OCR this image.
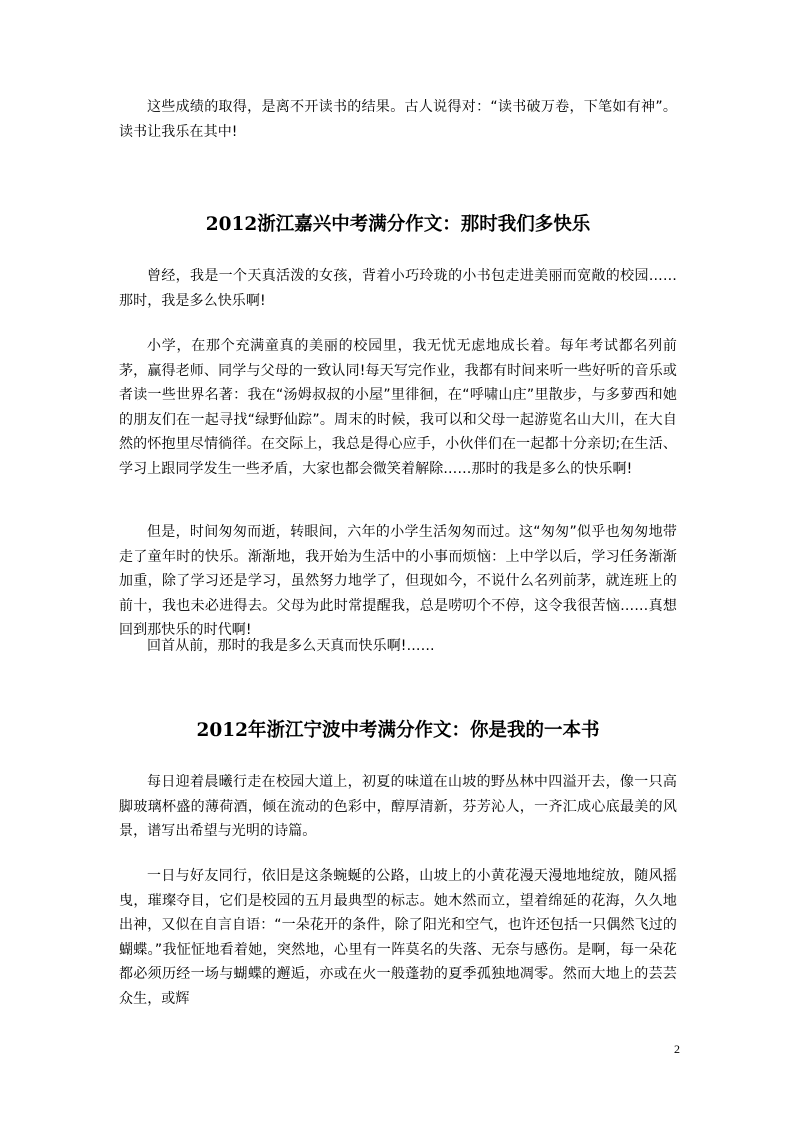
这些成绩的取得，是离不开读书的结果。古人说得对：“读书破万卷，下笔如有神”。读书让我乐在其中!

2012浙江嘉兴中考满分作文：那时我们多快乐

曾经，我是一个天真活泼的女孩，背着小巧玲珑的小书包走进美丽而宽敞的校园……那时，我是多么快乐啊!

小学，在那个充满童真的美丽的校园里，我无忧无虑地成长着。每年考试都名列前茅，赢得老师、同学与父母的一致认同!每天写完作业，我都有时间来听一些好听的音乐或者读一些世界名著：我在“汤姆叔叔的小屋”里徘徊，在“呼啸山庄”里散步，与多萝西和她的朋友们在一起寻找“绿野仙踪”。周末的时候，我可以和父母一起游览名山大川，在大自然的怀抱里尽情徜徉。在交际上，我总是得心应手，小伙伴们在一起都十分亲切;在生活、学习上跟同学发生一些矛盾，大家也都会微笑着解除……那时的我是多么的快乐啊!

但是，时间匆匆而逝，转眼间，六年的小学生活匆匆而过。这“匆匆”似乎也匆匆地带走了童年时的快乐。渐渐地，我开始为生活中的小事而烦恼：上中学以后，学习任务渐渐加重，除了学习还是学习，虽然努力地学了，但现如今，不说什么名列前茅，就连班上的前十，我也未必进得去。父母为此时常提醒我，总是唠叨个不停，这令我很苦恼……真想回到那快乐的时代啊!

回首从前，那时的我是多么天真而快乐啊!……

2012年浙江宁波中考满分作文：你是我的一本书

每日迎着晨曦行走在校园大道上，初夏的味道在山坡的野丛林中四溢开去，像一只高脚玻璃杯盛的薄荷酒，倾在流动的色彩中，醇厚清新，芬芳沁人，一齐汇成心底最美的风景，谱写出希望与光明的诗篇。

一日与好友同行，依旧是这条蜿蜒的公路，山坡上的小黄花漫天漫地地绽放，随风摇曳，璀璨夺目，它们是校园的五月最典型的标志。她木然而立，望着绵延的花海，久久地出神，又似在自言自语：“一朵花开的条件，除了阳光和空气，也许还包括一只偶然飞过的蝴蝶。”我怔怔地看着她，突然地，心里有一阵莫名的失落、无奈与感伤。是啊，每一朵花都必须历经一场与蝴蝶的邂逅，亦或在火一般蓬勃的夏季孤独地凋零。然而大地上的芸芸众生，或辉

2
